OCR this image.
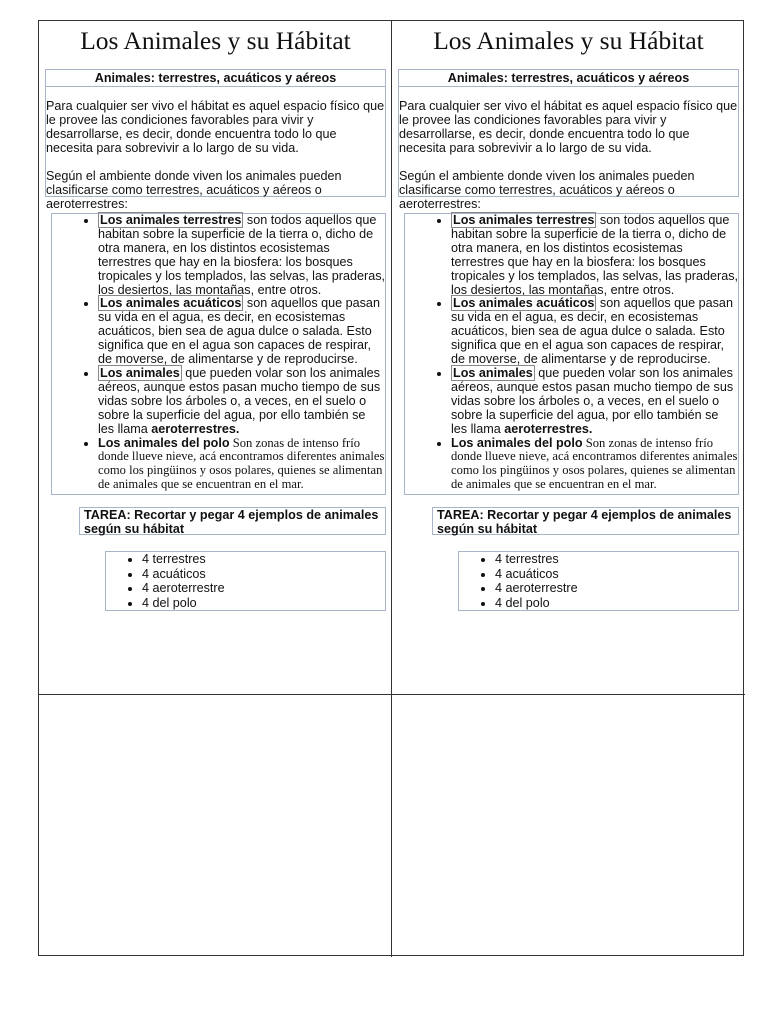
Los Animales y su Hábitat
Animales: terrestres, acuáticos y aéreos

Para cualquier ser vivo el hábitat es aquel espacio físico que le provee las condiciones favorables para vivir y desarrollarse, es decir, donde encuentra todo lo que necesita para sobrevivir a lo largo de su vida.

Según el ambiente donde viven los animales pueden clasificarse como terrestres, acuáticos y aéreos o aeroterrestres:

• Los animales terrestres son todos aquellos que habitan sobre la superficie de la tierra o, dicho de otra manera, en los distintos ecosistemas terrestres que hay en la biosfera: los bosques tropicales y los templados, las selvas, las praderas, los desiertos, las montañas, entre otros.
• Los animales acuáticos son aquellos que pasan su vida en el agua, es decir, en ecosistemas acuáticos, bien sea de agua dulce o salada. Esto significa que en el agua son capaces de respirar, de moverse, de alimentarse y de reproducirse.
• Los animales que pueden volar son los animales aéreos, aunque estos pasan mucho tiempo de sus vidas sobre los árboles o, a veces, en el suelo o sobre la superficie del agua, por ello también se les llama aeroterrestres.
• Los animales del polo Son zonas de intenso frío donde llueve nieve, acá encontramos diferentes animales como los pingüinos y osos polares, quienes se alimentan de animales que se encuentran en el mar.
TAREA: Recortar y pegar 4 ejemplos de animales según su hábitat
• 4 terrestres
• 4 acuáticos
• 4 aeroterrestre
• 4 del polo
Los Animales y su Hábitat
Animales: terrestres, acuáticos y aéreos

Para cualquier ser vivo el hábitat es aquel espacio físico que le provee las condiciones favorables para vivir y desarrollarse, es decir, donde encuentra todo lo que necesita para sobrevivir a lo largo de su vida.

Según el ambiente donde viven los animales pueden clasificarse como terrestres, acuáticos y aéreos o aeroterrestres:

• Los animales terrestres son todos aquellos que habitan sobre la superficie de la tierra o, dicho de otra manera, en los distintos ecosistemas terrestres que hay en la biosfera: los bosques tropicales y los templados, las selvas, las praderas, los desiertos, las montañas, entre otros.
• Los animales acuáticos son aquellos que pasan su vida en el agua, es decir, en ecosistemas acuáticos, bien sea de agua dulce o salada. Esto significa que en el agua son capaces de respirar, de moverse, de alimentarse y de reproducirse.
• Los animales que pueden volar son los animales aéreos, aunque estos pasan mucho tiempo de sus vidas sobre los árboles o, a veces, en el suelo o sobre la superficie del agua, por ello también se les llama aeroterrestres.
• Los animales del polo Son zonas de intenso frío donde llueve nieve, acá encontramos diferentes animales como los pingüinos y osos polares, quienes se alimentan de animales que se encuentran en el mar.
TAREA: Recortar y pegar 4 ejemplos de animales según su hábitat
• 4 terrestres
• 4 acuáticos
• 4 aeroterrestre
• 4 del polo
